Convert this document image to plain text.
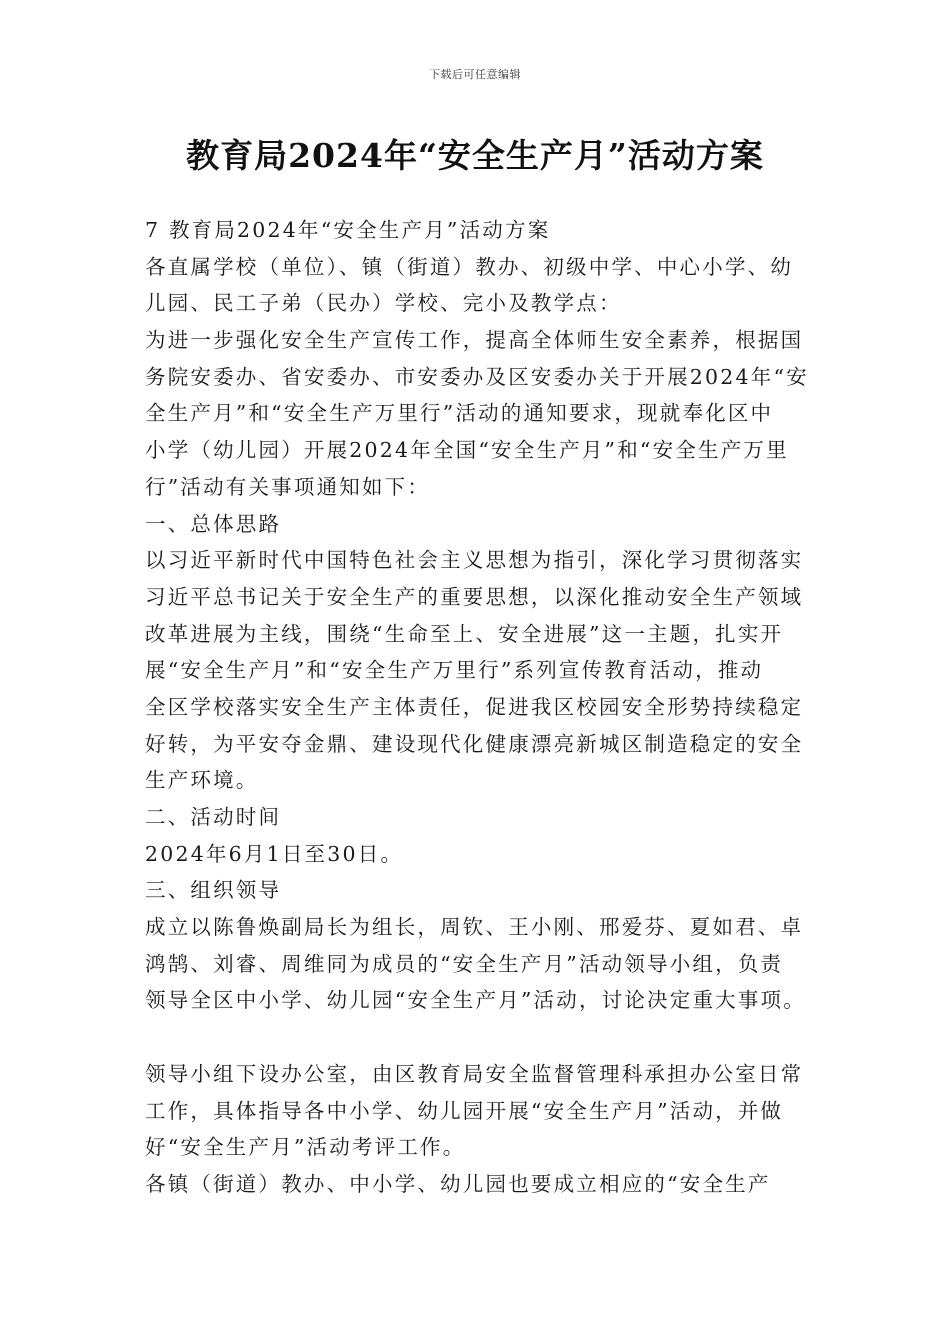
下载后可任意编辑
教育局2024年“安全生产月”活动方案
7 教育局2024年“安全生产月”活动方案
各直属学校（单位）、镇（街道）教办、初级中学、中心小学、幼
儿园、民工子弟（民办）学校、完小及教学点：
为进一步强化安全生产宣传工作，提高全体师生安全素养，根据国
务院安委办、省安委办、市安委办及区安委办关于开展2024年“安
全生产月”和“安全生产万里行”活动的通知要求，现就奉化区中
小学（幼儿园）开展2024年全国“安全生产月”和“安全生产万里
行”活动有关事项通知如下：
一、总体思路
以习近平新时代中国特色社会主义思想为指引，深化学习贯彻落实
习近平总书记关于安全生产的重要思想，以深化推动安全生产领域
改革进展为主线，围绕“生命至上、安全进展”这一主题，扎实开
展“安全生产月”和“安全生产万里行”系列宣传教育活动，推动
全区学校落实安全生产主体责任，促进我区校园安全形势持续稳定
好转，为平安夺金鼎、建设现代化健康漂亮新城区制造稳定的安全
生产环境。
二、活动时间
2024年6月1日至30日。
三、组织领导
成立以陈鲁焕副局长为组长，周钦、王小刚、邢爱芬、夏如君、卓
鸿鹄、刘睿、周维同为成员的“安全生产月”活动领导小组，负责
领导全区中小学、幼儿园“安全生产月”活动，讨论决定重大事项。
领导小组下设办公室，由区教育局安全监督管理科承担办公室日常
工作，具体指导各中小学、幼儿园开展“安全生产月”活动，并做
好“安全生产月”活动考评工作。
各镇（街道）教办、中小学、幼儿园也要成立相应的“安全生产
